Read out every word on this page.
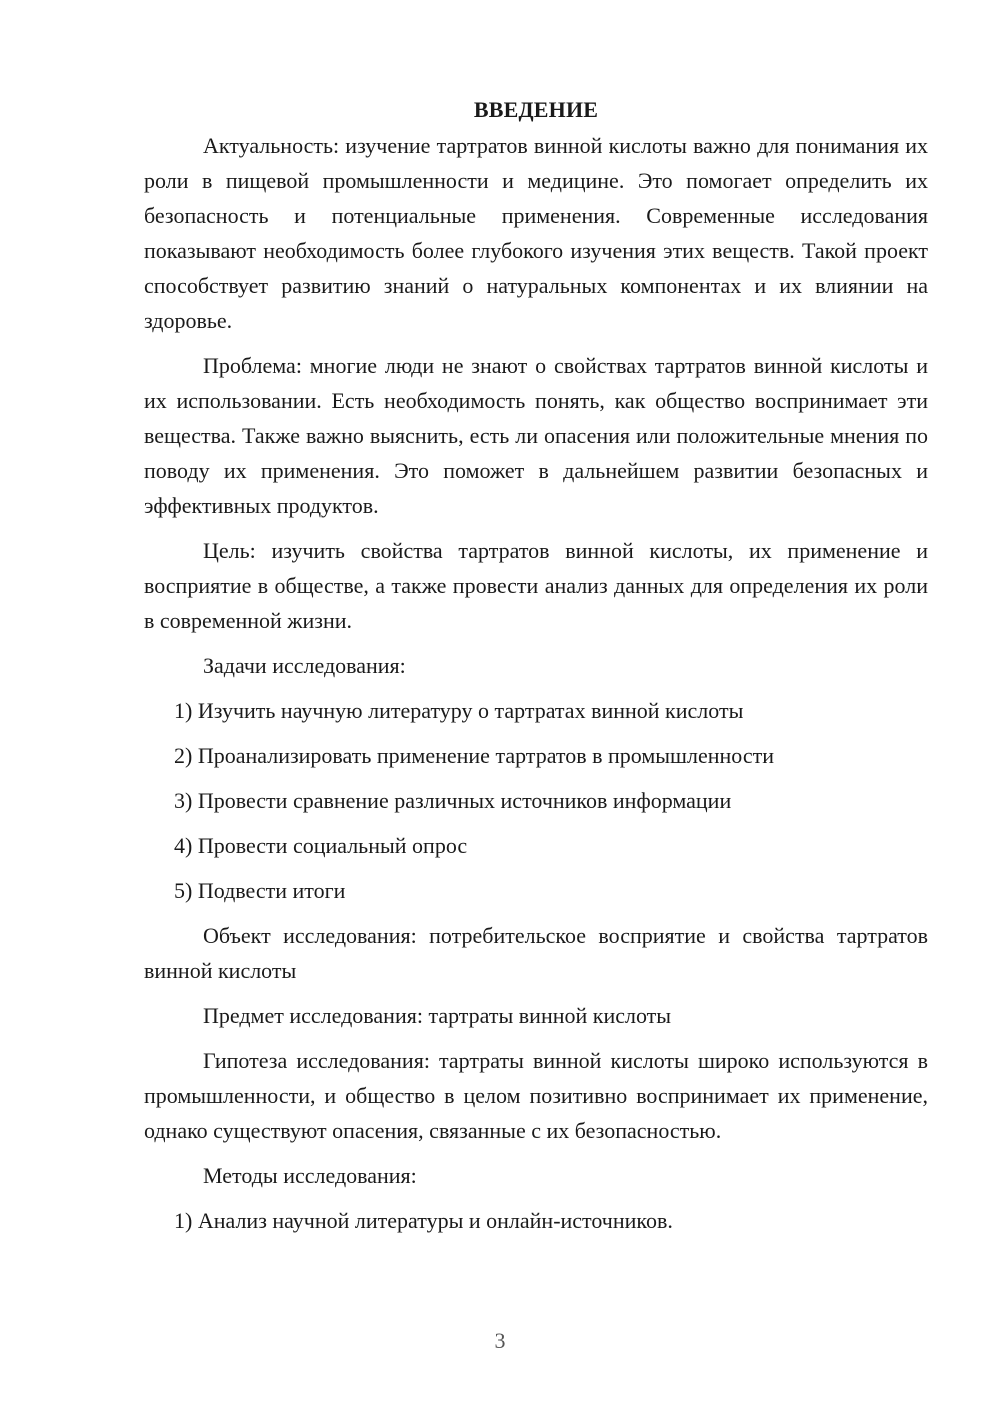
ВВЕДЕНИЕ

Актуальность: изучение тартратов винной кислоты важно для понимания их роли в пищевой промышленности и медицине. Это помогает определить их безопасность и потенциальные применения. Современные исследования показывают необходимость более глубокого изучения этих веществ. Такой проект способствует развитию знаний о натуральных компонентах и их влиянии на здоровье.

Проблема: многие люди не знают о свойствах тартратов винной кислоты и их использовании. Есть необходимость понять, как общество воспринимает эти вещества. Также важно выяснить, есть ли опасения или положительные мнения по поводу их применения. Это поможет в дальнейшем развитии безопасных и эффективных продуктов.

Цель: изучить свойства тартратов винной кислоты, их применение и восприятие в обществе, а также провести анализ данных для определения их роли в современной жизни.

Задачи исследования:

1) Изучить научную литературу о тартратах винной кислоты

2) Проанализировать применение тартратов в промышленности

3) Провести сравнение различных источников информации

4) Провести социальный опрос

5) Подвести итоги

Объект исследования: потребительское восприятие и свойства тартратов винной кислоты

Предмет исследования: тартраты винной кислоты

Гипотеза исследования: тартраты винной кислоты широко используются в промышленности, и общество в целом позитивно воспринимает их применение, однако существуют опасения, связанные с их безопасностью.

Методы исследования:

1) Анализ научной литературы и онлайн-источников.

3
